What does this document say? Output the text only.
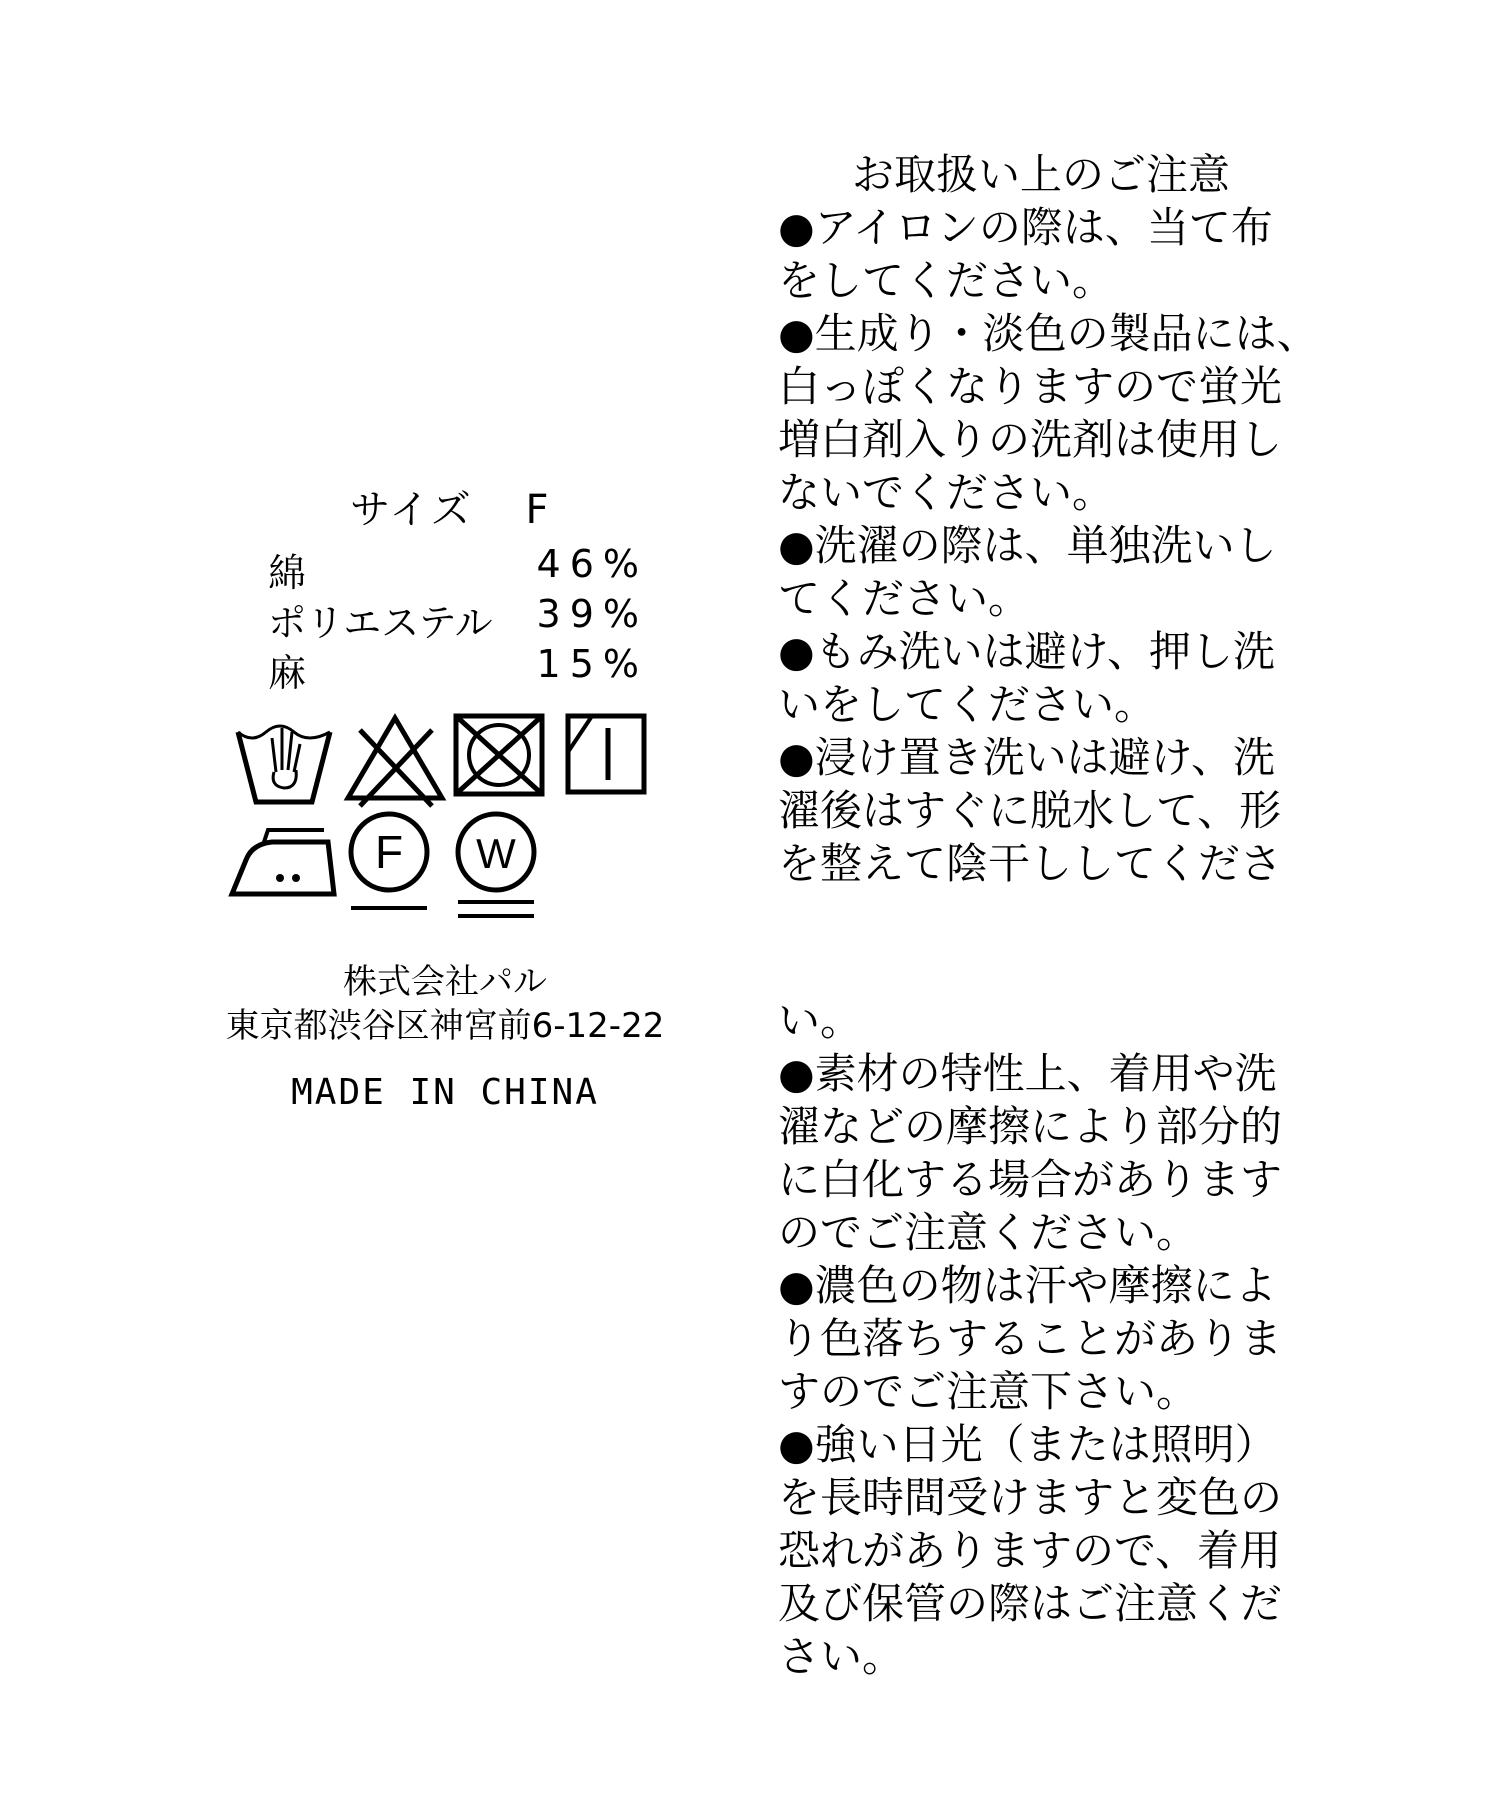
サイズ F
綿	46%
ポリエステル 39%
麻	15%
F W
株式会社パル
東京都渋谷区神宮前6-12-22
MADE IN CHINA

お取扱い上のご注意

●アイロンの際は、当て布

をしてください。

●生成り・淡色の製品には、

白っぽくなりますので蛍光

増白剤入りの洗剤は使用し

ないでください。

●洗濯の際は、単独洗いし

てください。

●もみ洗いは避け、押し洗

いをしてください。

●浸け置き洗いは避け、洗

濯後はすぐに脱水して、形

を整えて陰干ししてくださ

い。

●素材の特性上、着用や洗

濯などの摩擦により部分的

に白化する場合があります

のでご注意ください。

●濃色の物は汗や摩擦によ

り色落ちすることがありま

すのでご注意下さい。

●強い日光（または照明）

を長時間受けますと変色の

恐れがありますので、着用

及び保管の際はご注意くだ

さい。
